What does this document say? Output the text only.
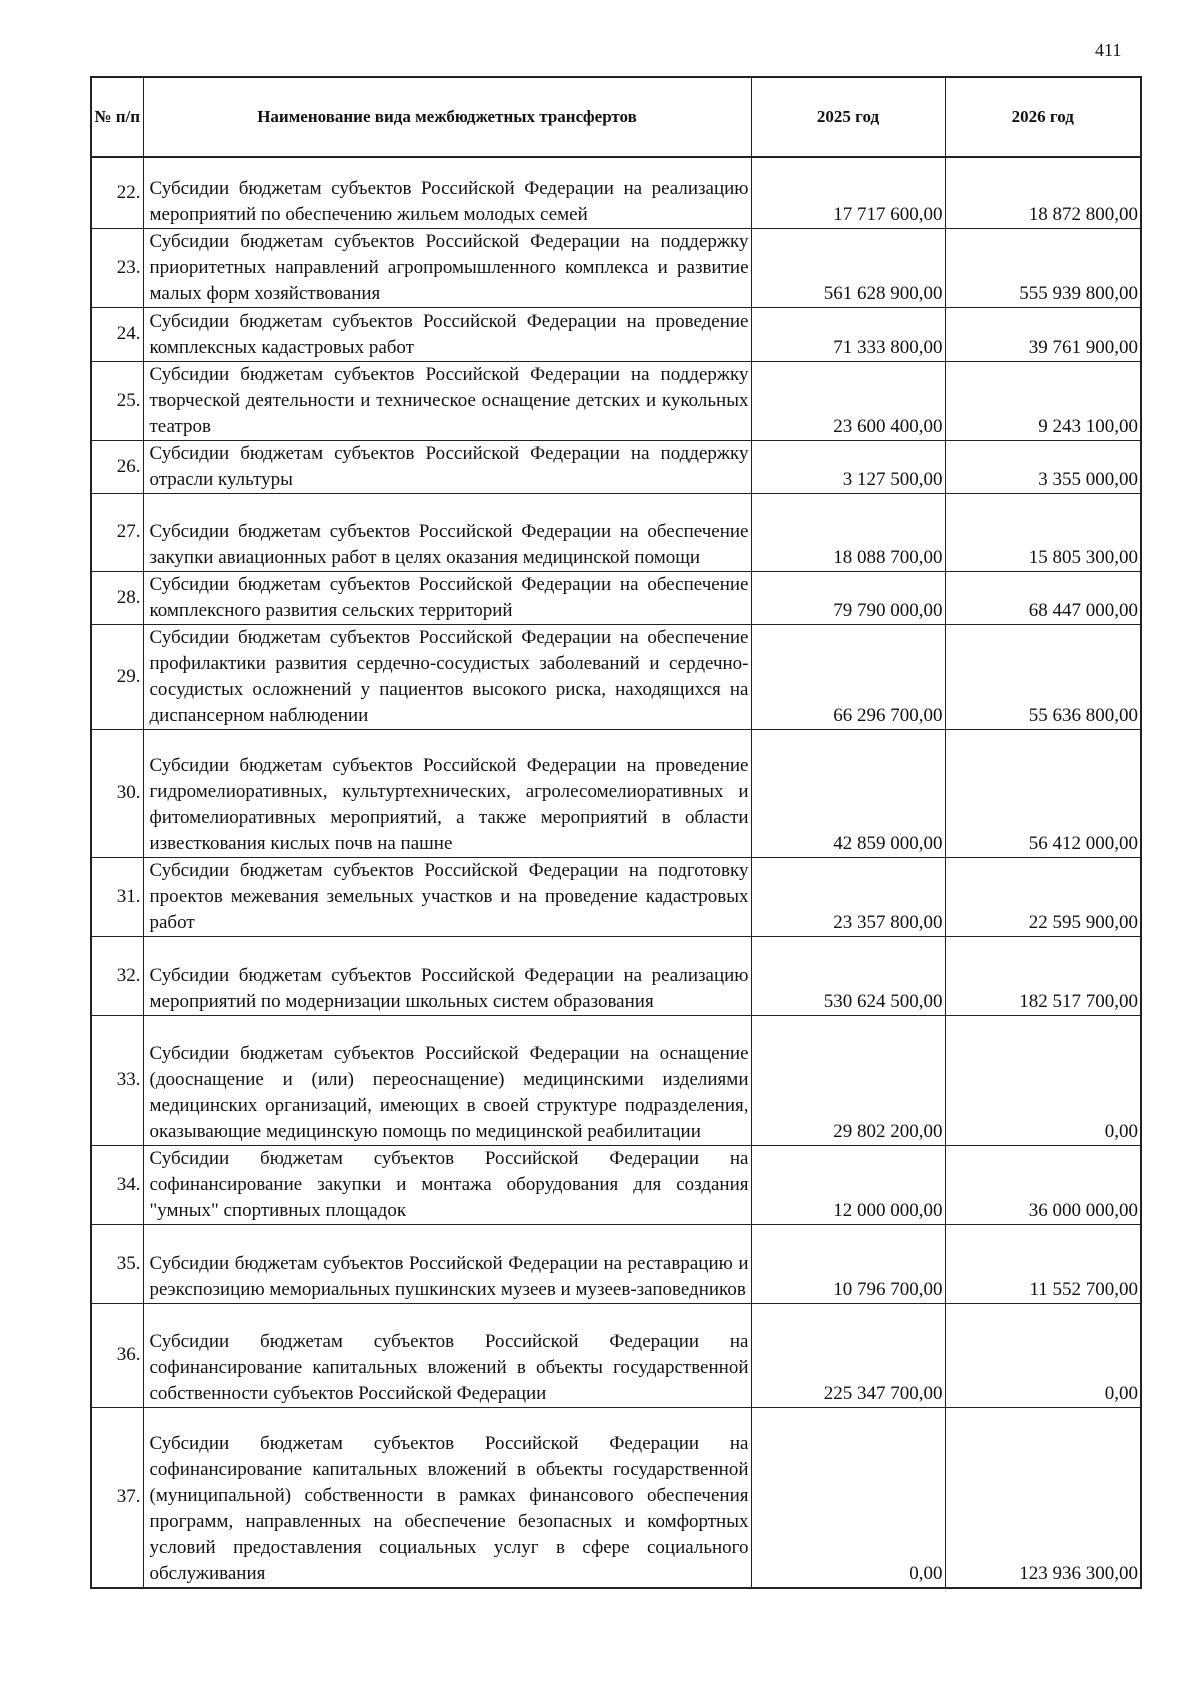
411
№ п/п	Наименование вида межбюджетных трансфертов	2025 год	2026 год
22.	Субсидии бюджетам субъектов Российской Федерации на реализацию мероприятий по обеспечению жильем молодых семей	17 717 600,00	18 872 800,00
23.	Субсидии бюджетам субъектов Российской Федерации на поддержку приоритетных направлений агропромышленного комплекса и развитие малых форм хозяйствования	561 628 900,00	555 939 800,00
24.	Субсидии бюджетам субъектов Российской Федерации на проведение комплексных кадастровых работ	71 333 800,00	39 761 900,00
25.	Субсидии бюджетам субъектов Российской Федерации на поддержку творческой деятельности и техническое оснащение детских и кукольных театров	23 600 400,00	9 243 100,00
26.	Субсидии бюджетам субъектов Российской Федерации на поддержку отрасли культуры	3 127 500,00	3 355 000,00
27.	Субсидии бюджетам субъектов Российской Федерации на обеспечение закупки авиационных работ в целях оказания медицинской помощи	18 088 700,00	15 805 300,00
28.	Субсидии бюджетам субъектов Российской Федерации на обеспечение комплексного развития сельских территорий	79 790 000,00	68 447 000,00
29.	Субсидии бюджетам субъектов Российской Федерации на обеспечение профилактики развития сердечно-сосудистых заболеваний и сердечно-сосудистых осложнений у пациентов высокого риска, находящихся на диспансерном наблюдении	66 296 700,00	55 636 800,00
30.	Субсидии бюджетам субъектов Российской Федерации на проведение гидромелиоративных, культуртехнических, агролесомелиоративных и фитомелиоративных мероприятий, а также мероприятий в области известкования кислых почв на пашне	42 859 000,00	56 412 000,00
31.	Субсидии бюджетам субъектов Российской Федерации на подготовку проектов межевания земельных участков и на проведение кадастровых работ	23 357 800,00	22 595 900,00
32.	Субсидии бюджетам субъектов Российской Федерации на реализацию мероприятий по модернизации школьных систем образования	530 624 500,00	182 517 700,00
33.	Субсидии бюджетам субъектов Российской Федерации на оснащение (дооснащение и (или) переоснащение) медицинскими изделиями медицинских организаций, имеющих в своей структуре подразделения, оказывающие медицинскую помощь по медицинской реабилитации	29 802 200,00	0,00
34.	Субсидии бюджетам субъектов Российской Федерации на софинансирование закупки и монтажа оборудования для создания "умных" спортивных площадок	12 000 000,00	36 000 000,00
35.	Субсидии бюджетам субъектов Российской Федерации на реставрацию и реэкспозицию мемориальных пушкинских музеев и музеев-заповедников	10 796 700,00	11 552 700,00
36.	Субсидии бюджетам субъектов Российской Федерации на софинансирование капитальных вложений в объекты государственной собственности субъектов Российской Федерации	225 347 700,00	0,00
37.	Субсидии бюджетам субъектов Российской Федерации на софинансирование капитальных вложений в объекты государственной (муниципальной) собственности в рамках финансового обеспечения программ, направленных на обеспечение безопасных и комфортных условий предоставления социальных услуг в сфере социального обслуживания	0,00	123 936 300,00
